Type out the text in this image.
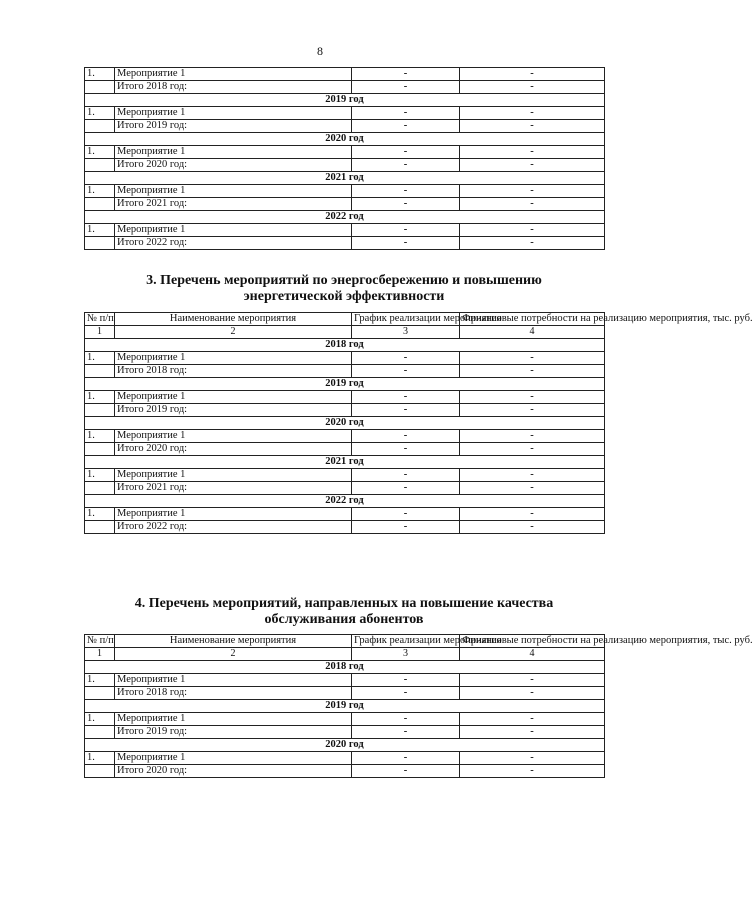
8
1.	Мероприятие 1	-	-
	Итого 2018 год:	-	-
2019 год			
1.	Мероприятие 1	-	-
	Итого 2019 год:	-	-
2020 год			
1.	Мероприятие 1	-	-
	Итого 2020 год:	-	-
2021 год			
1.	Мероприятие 1	-	-
	Итого 2021 год:	-	-
2022 год			
1.	Мероприятие 1	-	-
	Итого 2022 год:	-	-
3. Перечень мероприятий по энергосбережению и повышению
энергетической эффективности
№ п/п	Наименование мероприятия	График реализации мероприятия	Финансовые потребности на реализацию мероприятия, тыс. руб.
1	2	3	4
2018 год			
1.	Мероприятие 1	-	-
	Итого 2018 год:	-	-
2019 год			
1.	Мероприятие 1	-	-
	Итого 2019 год:	-	-
2020 год			
1.	Мероприятие 1	-	-
	Итого 2020 год:	-	-
2021 год			
1.	Мероприятие 1	-	-
	Итого 2021 год:	-	-
2022 год			
1.	Мероприятие 1	-	-
	Итого 2022 год:	-	-
4. Перечень мероприятий, направленных на повышение качества
обслуживания абонентов
№ п/п	Наименование мероприятия	График реализации мероприятия	Финансовые потребности на реализацию мероприятия, тыс. руб.
1	2	3	4
2018 год			
1.	Мероприятие 1	-	-
	Итого 2018 год:	-	-
2019 год			
1.	Мероприятие 1	-	-
	Итого 2019 год:	-	-
2020 год			
1.	Мероприятие 1	-	-
	Итого 2020 год:	-	-
